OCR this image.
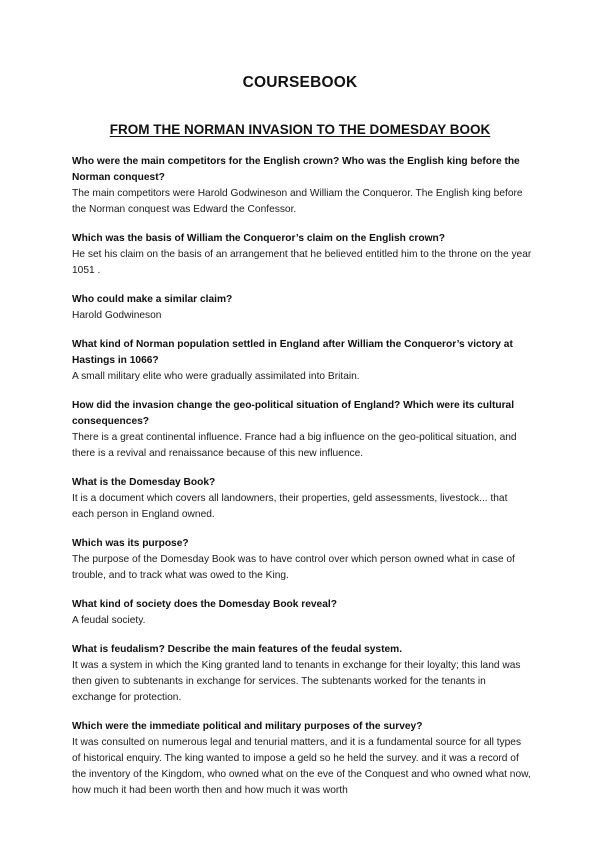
COURSEBOOK
FROM THE NORMAN INVASION TO THE DOMESDAY BOOK

Who were the main competitors for the English crown? Who was the English king before the Norman conquest?

The main competitors were Harold Godwineson and William the Conqueror. The English king before the Norman conquest was Edward the Confessor.

Which was the basis of William the Conqueror’s claim on the English crown?

He set his claim on the basis of an arrangement that he believed entitled him to the throne on the year 1051 .

Who could make a similar claim?

Harold Godwineson

What kind of Norman population settled in England after William the Conqueror’s victory at Hastings in 1066?

A small military elite who were gradually assimilated into Britain.

How did the invasion change the geo-political situation of England? Which were its cultural consequences?

There is a great continental influence. France had a big influence on the geo-political situation, and there is a revival and renaissance because of this new influence.

What is the Domesday Book?

It is a document which covers all landowners, their properties, geld assessments, livestock... that each person in England owned.

Which was its purpose?

The purpose of the Domesday Book was to have control over which person owned what in case of trouble, and to track what was owed to the King.

What kind of society does the Domesday Book reveal?

A feudal society.

What is feudalism? Describe the main features of the feudal system.

It was a system in which the King granted land to tenants in exchange for their loyalty; this land was then given to subtenants in exchange for services. The subtenants worked for the tenants in exchange for protection.

Which were the immediate political and military purposes of the survey?

It was consulted on numerous legal and tenurial matters, and it is a fundamental source for all types of historical enquiry. The king wanted to impose a geld so he held the survey. and it was a record of the inventory of the Kingdom, who owned what on the eve of the Conquest and who owned what now, how much it had been worth then and how much it was worth
